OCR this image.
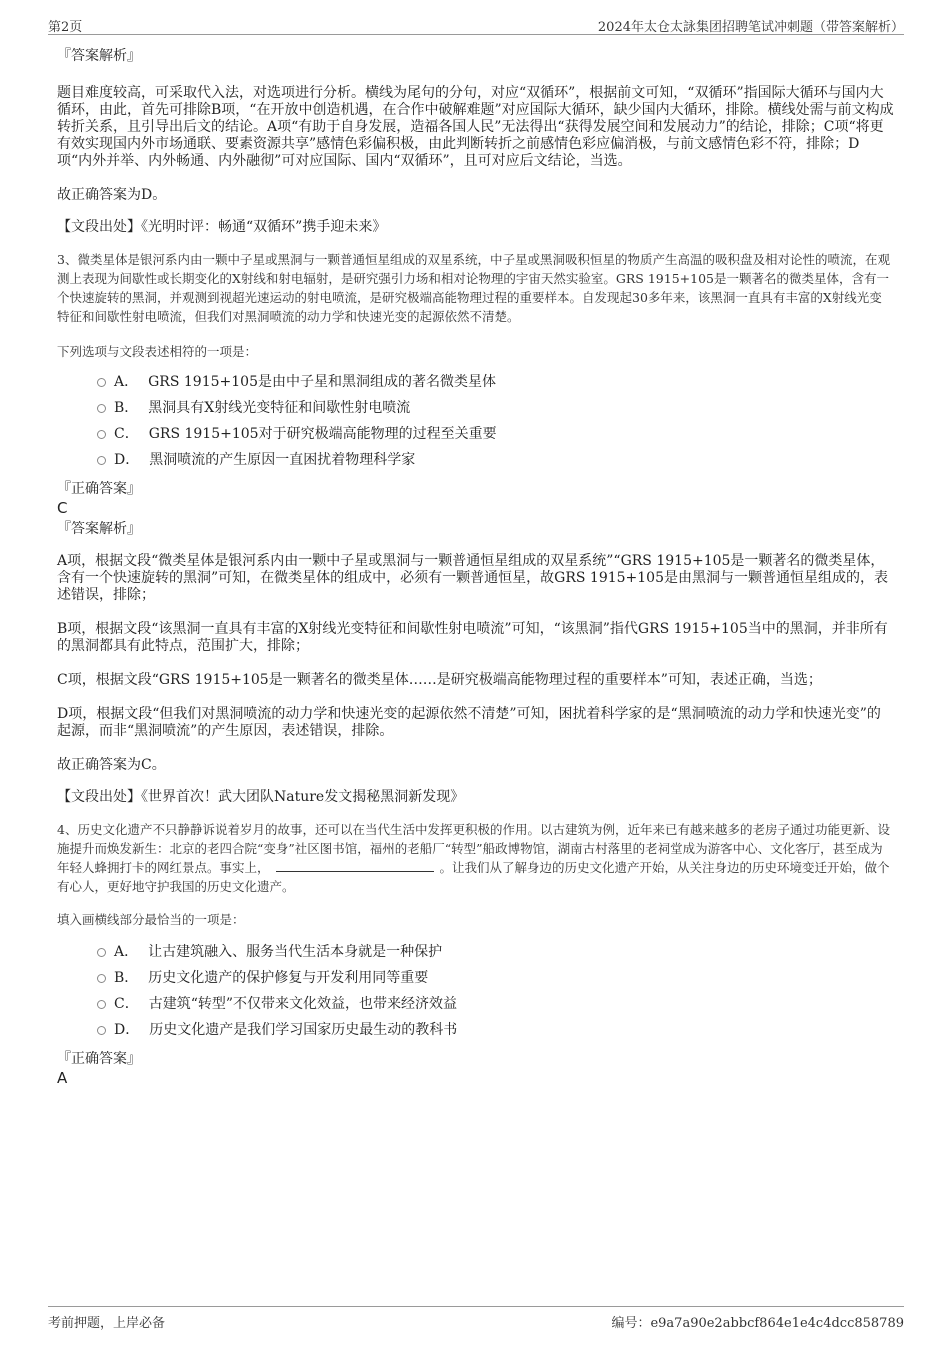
第2页	2024年太仓太詠集团招聘笔试冲刺题（带答案解析）

『答案解析』

题目难度较高，可采取代入法，对选项进行分析。横线为尾句的分句，对应“双循环”，根据前文可知，“双循环”指国际大循环与国内大循环，由此，首先可排除B项，“在开放中创造机遇，在合作中破解难题”对应国际大循环，缺少国内大循环，排除。横线处需与前文构成转折关系，且引导出后文的结论。A项“有助于自身发展，造福各国人民”无法得出“获得发展空间和发展动力”的结论，排除；C项“将更有效实现国内外市场通联、要素资源共享”感情色彩偏积极，由此判断转折之前感情色彩应偏消极，与前文感情色彩不符，排除；D项“内外并举、内外畅通、内外融彻”可对应国际、国内“双循环”，且可对应后文结论，当选。

故正确答案为D。

【文段出处】《光明时评：畅通“双循环”携手迎未来》

3、微类星体是银河系内由一颗中子星或黑洞与一颗普通恒星组成的双星系统，中子星或黑洞吸积恒星的物质产生高温的吸积盘及相对论性的喷流，在观测上表现为间歇性或长期变化的X射线和射电辐射，是研究强引力场和相对论物理的宇宙天然实验室。GRS 1915+105是一颗著名的微类星体，含有一个快速旋转的黑洞，并观测到视超光速运动的射电喷流，是研究极端高能物理过程的重要样本。自发现起30多年来，该黑洞一直具有丰富的X射线光变特征和间歇性射电喷流，但我们对黑洞喷流的动力学和快速光变的起源依然不清楚。

下列选项与文段表述相符的一项是：

A． GRS 1915+105是由中子星和黑洞组成的著名微类星体
B． 黑洞具有X射线光变特征和间歇性射电喷流
C． GRS 1915+105对于研究极端高能物理的过程至关重要
D． 黑洞喷流的产生原因一直困扰着物理科学家

『正确答案』

C

『答案解析』

A项，根据文段“微类星体是银河系内由一颗中子星或黑洞与一颗普通恒星组成的双星系统”“GRS 1915+105是一颗著名的微类星体，含有一个快速旋转的黑洞”可知，在微类星体的组成中，必须有一颗普通恒星，故GRS 1915+105是由黑洞与一颗普通恒星组成的，表述错误，排除；

B项，根据文段“该黑洞一直具有丰富的X射线光变特征和间歇性射电喷流”可知，“该黑洞”指代GRS 1915+105当中的黑洞，并非所有的黑洞都具有此特点，范围扩大，排除；

C项，根据文段“GRS 1915+105是一颗著名的微类星体……是研究极端高能物理过程的重要样本”可知，表述正确，当选；

D项，根据文段“但我们对黑洞喷流的动力学和快速光变的起源依然不清楚”可知，困扰着科学家的是“黑洞喷流的动力学和快速光变”的起源，而非“黑洞喷流”的产生原因，表述错误，排除。

故正确答案为C。

【文段出处】《世界首次！武大团队Nature发文揭秘黑洞新发现》

4、历史文化遗产不只静静诉说着岁月的故事，还可以在当代生活中发挥更积极的作用。以古建筑为例，近年来已有越来越多的老房子通过功能更新、设施提升而焕发新生：北京的老四合院“变身”社区图书馆，福州的老船厂“转型”船政博物馆，湖南古村落里的老祠堂成为游客中心、文化客厅，甚至成为年轻人蜂拥打卡的网红景点。事实上，	。让我们从了解身边的历史文化遗产开始，从关注身边的历史环境变迁开始，做个有心人，更好地守护我国的历史文化遗产。

填入画横线部分最恰当的一项是：

A． 让古建筑融入、服务当代生活本身就是一种保护
B． 历史文化遗产的保护修复与开发利用同等重要
C． 古建筑“转型”不仅带来文化效益，也带来经济效益
D． 历史文化遗产是我们学习国家历史最生动的教科书

『正确答案』

A

考前押题，上岸必备	编号：e9a7a90e2abbcf864e1e4c4dcc858789
